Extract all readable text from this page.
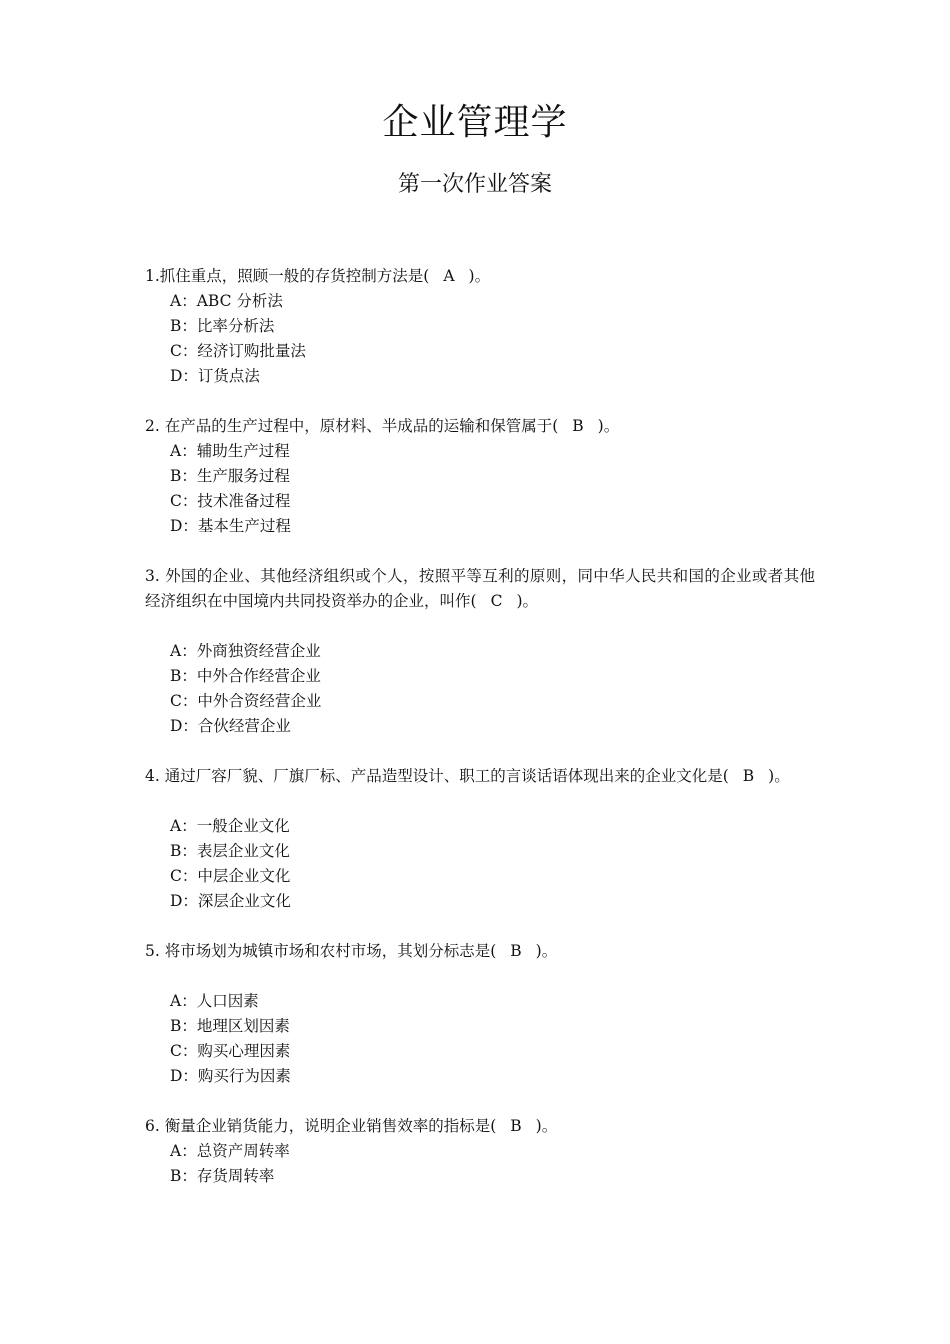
企业管理学
第一次作业答案
1.抓住重点，照顾一般的存货控制方法是( A )。
A：ABC 分析法
B：比率分析法
C：经济订购批量法
D：订货点法
2. 在产品的生产过程中，原材料、半成品的运输和保管属于( B )。
A：辅助生产过程
B：生产服务过程
C：技术准备过程
D：基本生产过程
3. 外国的企业、其他经济组织或个人，按照平等互利的原则，同中华人民共和国的企业或者其他经济组织在中国境内共同投资举办的企业，叫作( C )。
A：外商独资经营企业
B：中外合作经营企业
C：中外合资经营企业
D：合伙经营企业
4. 通过厂容厂貌、厂旗厂标、产品造型设计、职工的言谈话语体现出来的企业文化是( B )。
A：一般企业文化
B：表层企业文化
C：中层企业文化
D：深层企业文化
5. 将市场划为城镇市场和农村市场，其划分标志是( B )。
A：人口因素
B：地理区划因素
C：购买心理因素
D：购买行为因素
6. 衡量企业销货能力，说明企业销售效率的指标是( B )。
A：总资产周转率
B：存货周转率
